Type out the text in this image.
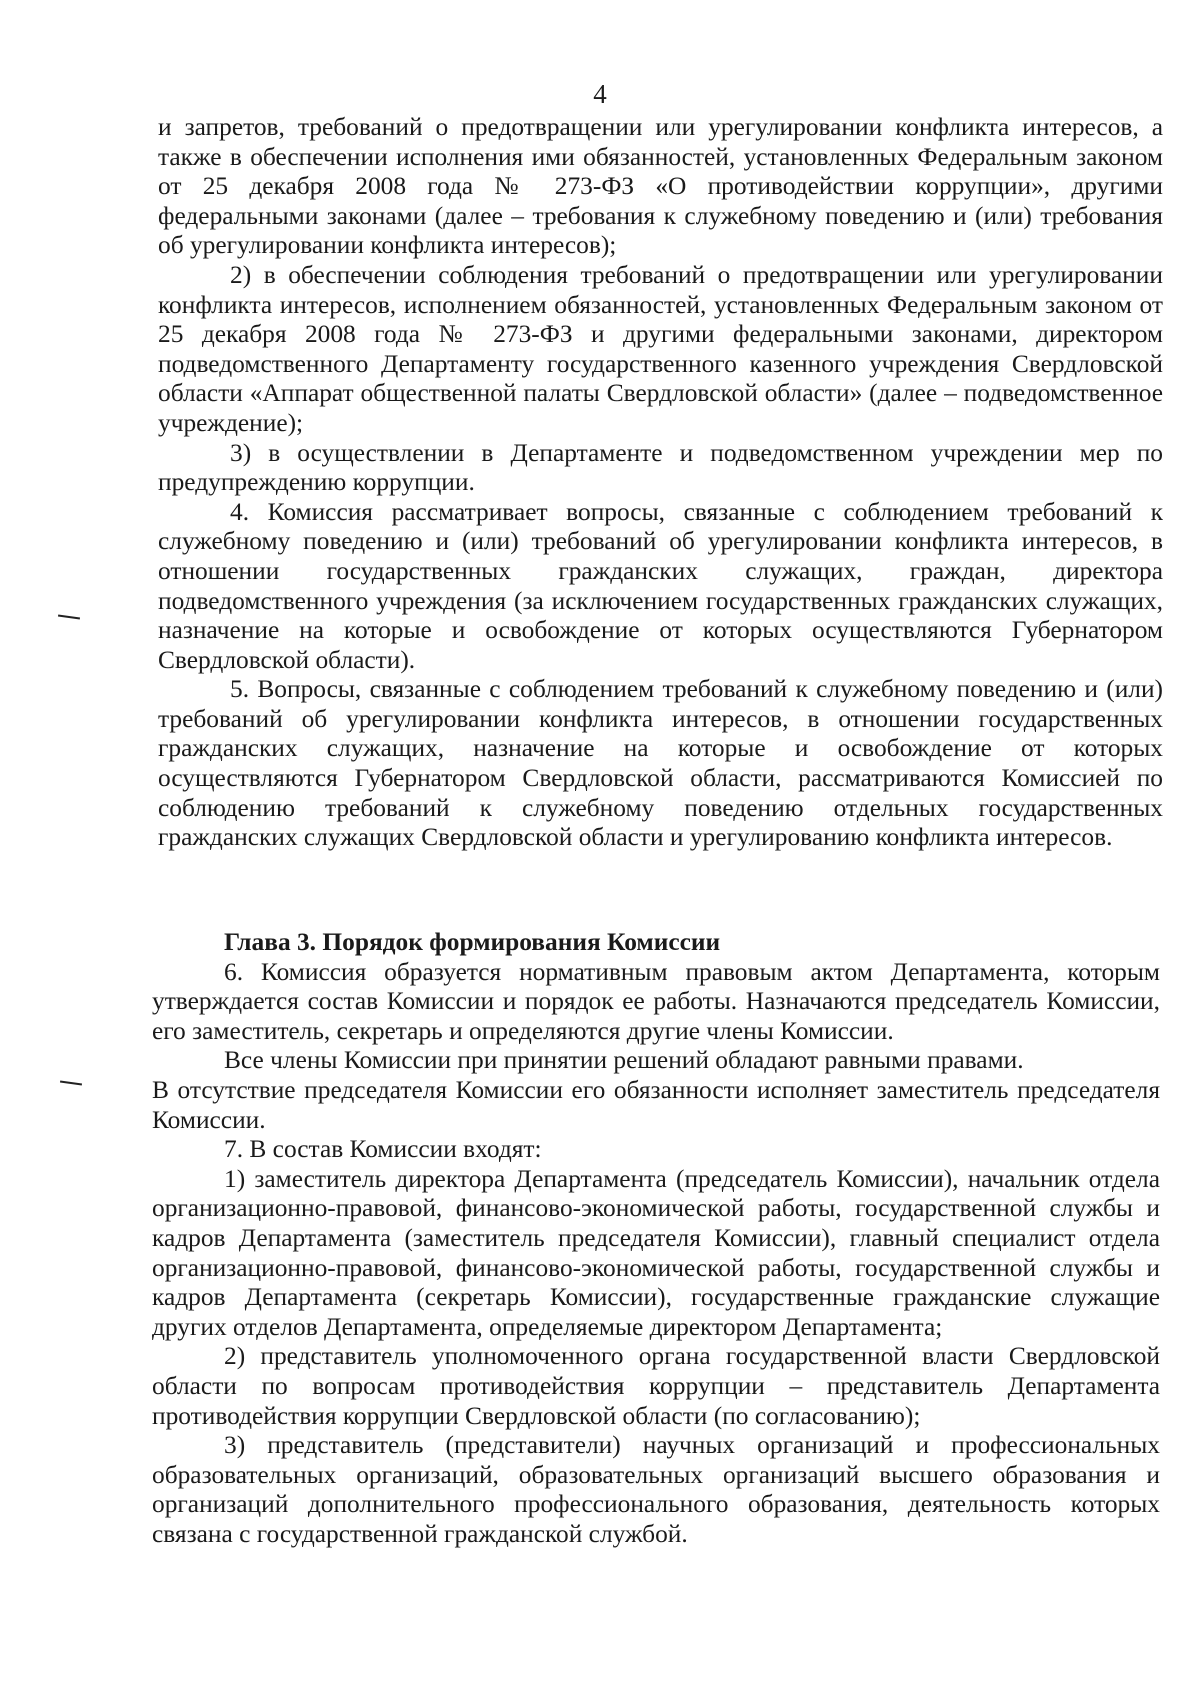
4

и запретов, требований о предотвращении или урегулировании конфликта интересов, а также в обеспечении исполнения ими обязанностей, установленных Федеральным законом от 25 декабря 2008 года № 273-ФЗ «О противодействии коррупции», другими федеральными законами (далее – требования к служебному поведению и (или) требования об урегулировании конфликта интересов);

2) в обеспечении соблюдения требований о предотвращении или урегулировании конфликта интересов, исполнением обязанностей, установленных Федеральным законом от 25 декабря 2008 года № 273-ФЗ и другими федеральными законами, директором подведомственного Департаменту государственного казенного учреждения Свердловской области «Аппарат общественной палаты Свердловской области» (далее – подведомственное учреждение);

3) в осуществлении в Департаменте и подведомственном учреждении мер по предупреждению коррупции.

4. Комиссия рассматривает вопросы, связанные с соблюдением требований к служебному поведению и (или) требований об урегулировании конфликта интересов, в отношении государственных гражданских служащих, граждан, директора подведомственного учреждения (за исключением государственных гражданских служащих, назначение на которые и освобождение от которых осуществляются Губернатором Свердловской области).

5. Вопросы, связанные с соблюдением требований к служебному поведению и (или) требований об урегулировании конфликта интересов, в отношении государственных гражданских служащих, назначение на которые и освобождение от которых осуществляются Губернатором Свердловской области, рассматриваются Комиссией по соблюдению требований к служебному поведению отдельных государственных гражданских служащих Свердловской области и урегулированию конфликта интересов.

Глава 3. Порядок формирования Комиссии

6. Комиссия образуется нормативным правовым актом Департамента, которым утверждается состав Комиссии и порядок ее работы. Назначаются председатель Комиссии, его заместитель, секретарь и определяются другие члены Комиссии.

Все члены Комиссии при принятии решений обладают равными правами.

В отсутствие председателя Комиссии его обязанности исполняет заместитель председателя Комиссии.

7. В состав Комиссии входят:

1) заместитель директора Департамента (председатель Комиссии), начальник отдела организационно-правовой, финансово-экономической работы, государственной службы и кадров Департамента (заместитель председателя Комиссии), главный специалист отдела организационно-правовой, финансово-экономической работы, государственной службы и кадров Департамента (секретарь Комиссии), государственные гражданские служащие других отделов Департамента, определяемые директором Департамента;

2) представитель уполномоченного органа государственной власти Свердловской области по вопросам противодействия коррупции – представитель Департамента противодействия коррупции Свердловской области (по согласованию);

3) представитель (представители) научных организаций и профессиональных образовательных организаций, образовательных организаций высшего образования и организаций дополнительного профессионального образования, деятельность которых связана с государственной гражданской службой.
